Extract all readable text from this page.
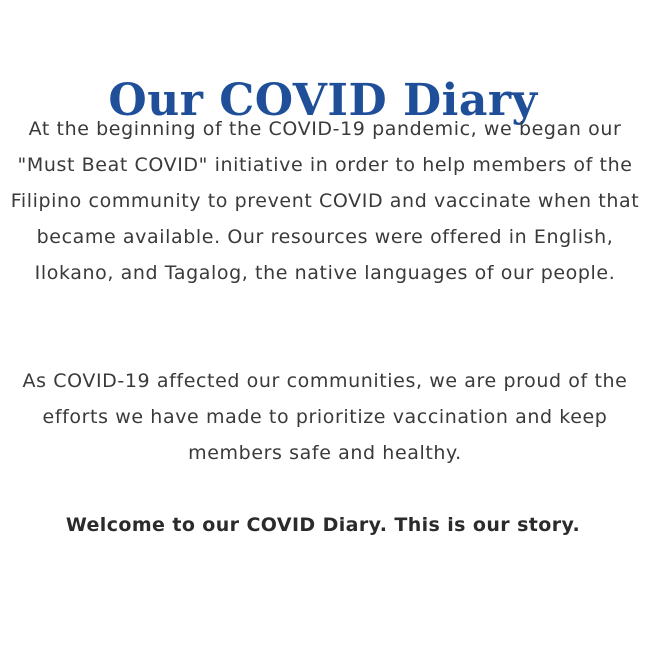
Our COVID Diary

At the beginning of the COVID-19 pandemic, we began our "Must Beat COVID" initiative in order to help members of the Filipino community to prevent COVID and vaccinate when that became available. Our resources were offered in English, Ilokano, and Tagalog, the native languages of our people.

As COVID-19 affected our communities, we are proud of the efforts we have made to prioritize vaccination and keep members safe and healthy.

Welcome to our COVID Diary. This is our story.
